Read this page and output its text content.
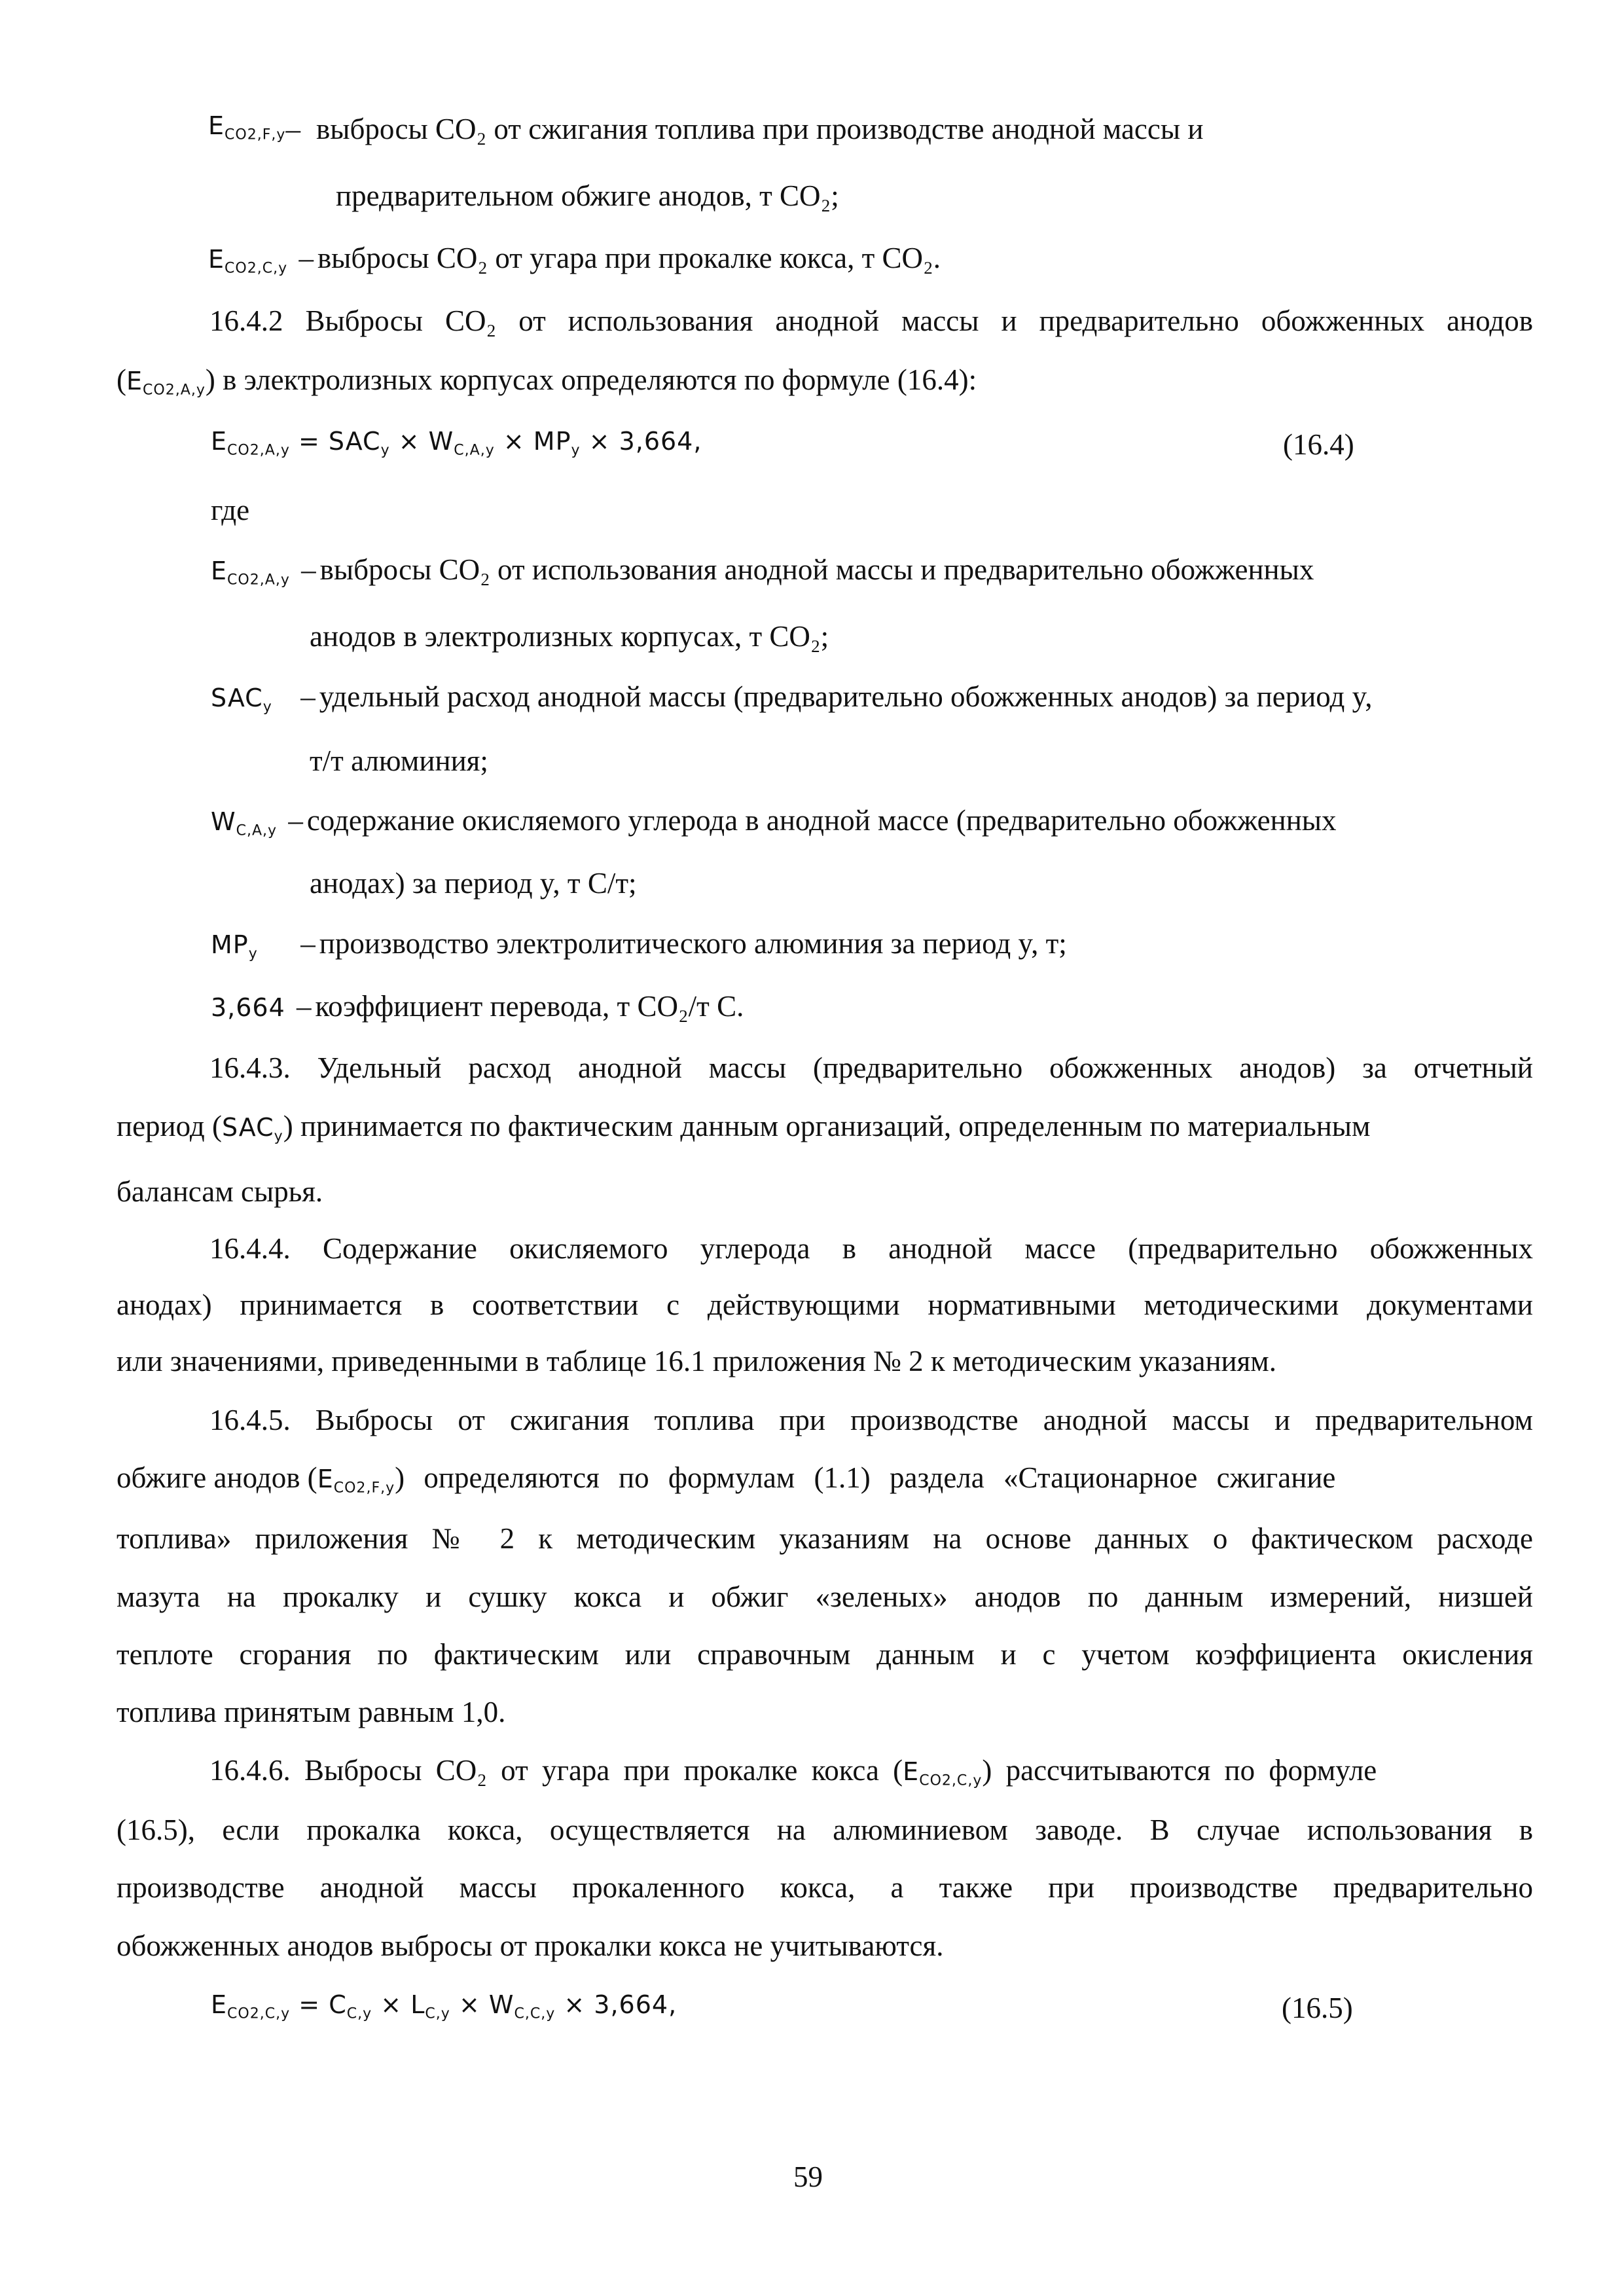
$E_{CO2,F,y}$ – выбросы CO₂ от сжигания топлива при производстве анодной массы и
предварительном обжиге анодов, т CO₂;
$E_{CO2,C,y}$ – выбросы CO₂ от угара при прокалке кокса, т CO₂.
16.4.2 Выбросы CO₂ от использования анодной массы и предварительно обожженных анодов
$(E_{CO2,A,y})$ в электролизных корпусах определяются по формуле (16.4):
$E_{CO2,A,y} = SAC_y \times W_{C,A,y} \times MP_y \times 3,664$,	(16.4)
где
$E_{CO2,A,y}$ – выбросы CO₂ от использования анодной массы и предварительно обожженных
анодов в электролизных корпусах, т CO₂;
$SAC_y$ – удельный расход анодной массы (предварительно обожженных анодов) за период y,
т/т алюминия;
$W_{C,A,y}$ – содержание окисляемого углерода в анодной массе (предварительно обожженных
анодах) за период y, т C/т;
$MP_y$ – производство электролитического алюминия за период y, т;
3,664 – коэффициент перевода, т CO₂/т C.
16.4.3. Удельный расход анодной массы (предварительно обожженных анодов) за отчетный
период $(SAC_y)$ принимается по фактическим данным организаций, определенным по материальным
балансам сырья.
16.4.4. Содержание окисляемого углерода в анодной массе (предварительно обожженных
анодах) принимается в соответствии с действующими нормативными методическими документами
или значениями, приведенными в таблице 16.1 приложения № 2 к методическим указаниям.
16.4.5. Выбросы от сжигания топлива при производстве анодной массы и предварительном
обжиге анодов $(E_{CO2,F,y})$ определяются по формулам (1.1) раздела «Стационарное сжигание
топлива» приложения № 2 к методическим указаниям на основе данных о фактическом расходе
мазута на прокалку и сушку кокса и обжиг «зеленых» анодов по данным измерений, низшей
теплоте сгорания по фактическим или справочным данным и с учетом коэффициента окисления
топлива принятым равным 1,0.
16.4.6. Выбросы CO₂ от угара при прокалке кокса $(E_{CO2,C,y})$ рассчитываются по формуле
(16.5), если прокалка кокса, осуществляется на алюминиевом заводе. В случае использования в
производстве анодной массы прокаленного кокса, а также при производстве предварительно
обожженных анодов выбросы от прокалки кокса не учитываются.
$E_{CO2,C,y} = C_{C,y} \times L_{C,y} \times W_{C,C,y} \times 3,664$,	(16.5)
59
